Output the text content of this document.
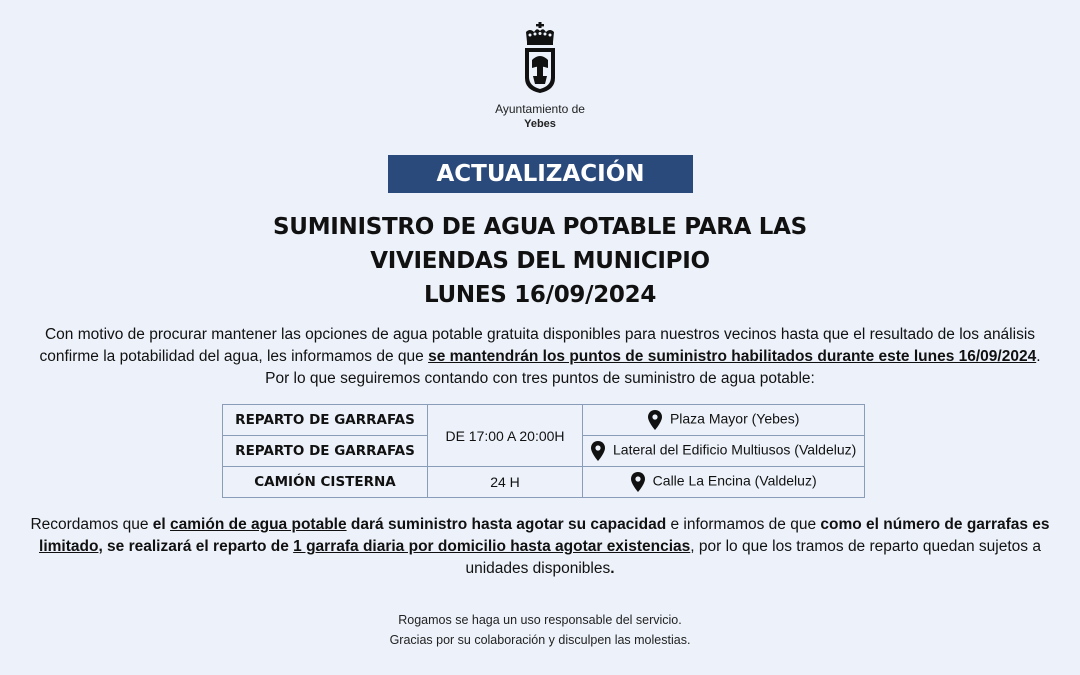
Ayuntamiento de
Yebes
ACTUALIZACIÓN
SUMINISTRO DE AGUA POTABLE PARA LAS
VIVIENDAS DEL MUNICIPIO
LUNES 16/09/2024
Con motivo de procurar mantener las opciones de agua potable gratuita disponibles para nuestros vecinos hasta que el resultado de los análisis
confirme la potabilidad del agua, les informamos de que se mantendrán los puntos de suministro habilitados durante este lunes 16/09/2024.
Por lo que seguiremos contando con tres puntos de suministro de agua potable:
REPARTO DE GARRAFAS	DE 17:00 A 20:00H	Plaza Mayor (Yebes)
REPARTO DE GARRAFAS		Lateral del Edificio Multiusos (Valdeluz)
CAMIÓN CISTERNA	24 H	Calle La Encina (Valdeluz)
Recordamos que el camión de agua potable dará suministro hasta agotar su capacidad e informamos de que como el número de garrafas es
limitado, se realizará el reparto de 1 garrafa diaria por domicilio hasta agotar existencias, por lo que los tramos de reparto quedan sujetos a
unidades disponibles.
Rogamos se haga un uso responsable del servicio.
Gracias por su colaboración y disculpen las molestias.
